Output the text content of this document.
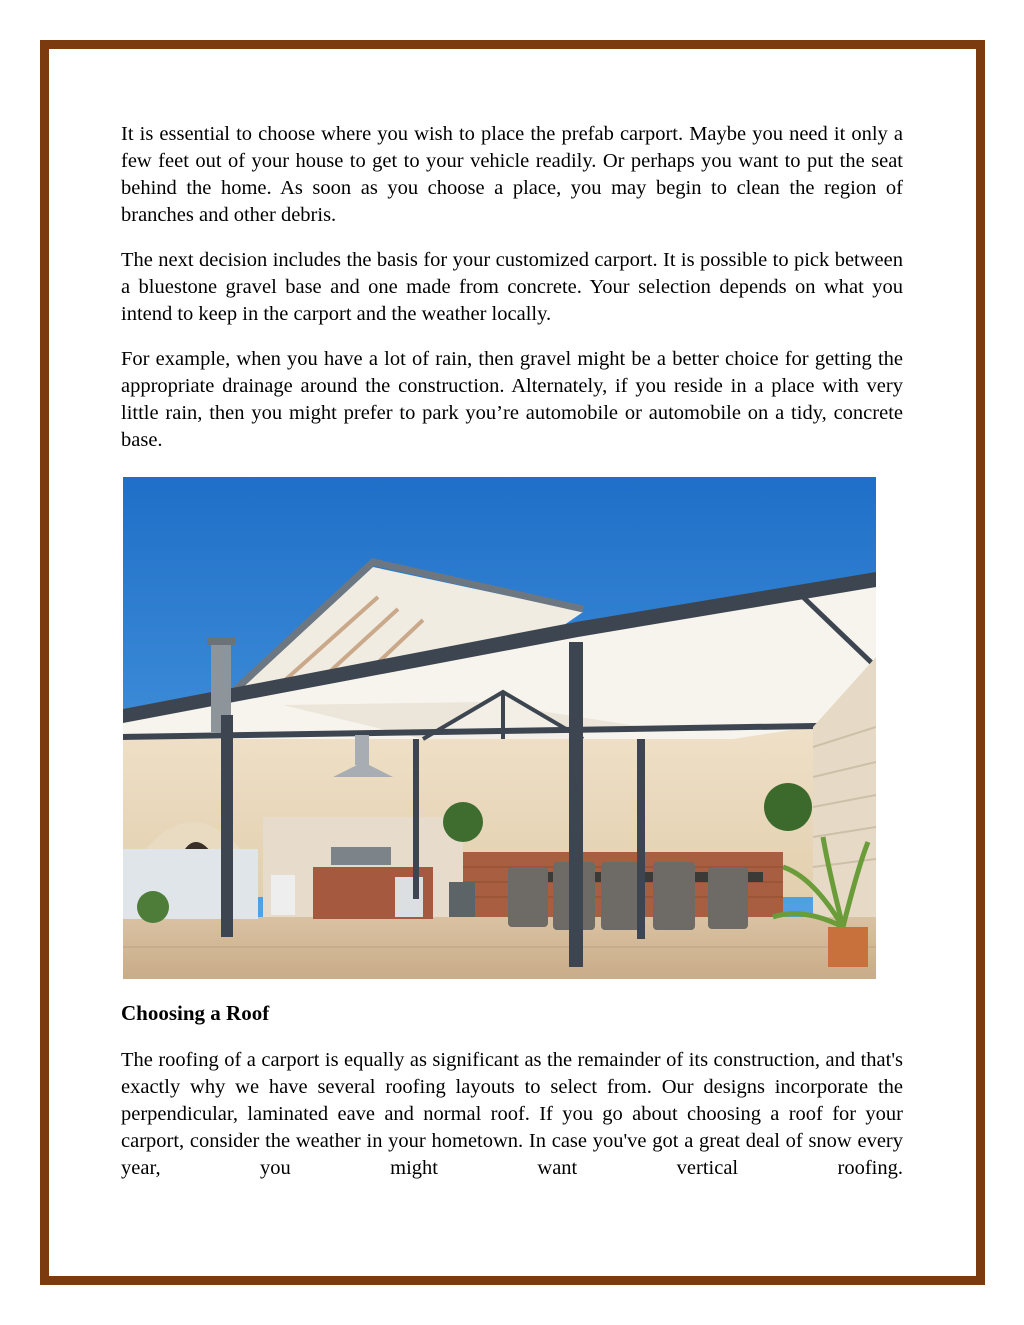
It is essential to choose where you wish to place the prefab carport. Maybe you need it only a few feet out of your house to get to your vehicle readily. Or perhaps you want to put the seat behind the home. As soon as you choose a place, you may begin to clean the region of branches and other debris.

The next decision includes the basis for your customized carport. It is possible to pick between a bluestone gravel base and one made from concrete. Your selection depends on what you intend to keep in the carport and the weather locally.

For example, when you have a lot of rain, then gravel might be a better choice for getting the appropriate drainage around the construction. Alternately, if you reside in a place with very little rain, then you might prefer to park you’re automobile or automobile on a tidy, concrete base.

Choosing a Roof

The roofing of a carport is equally as significant as the remainder of its construction, and that's exactly why we have several roofing layouts to select from. Our designs incorporate the perpendicular, laminated eave and normal roof. If you go about choosing a roof for your carport, consider the weather in your hometown. In case you've got a great deal of snow every year, you might want vertical roofing.
